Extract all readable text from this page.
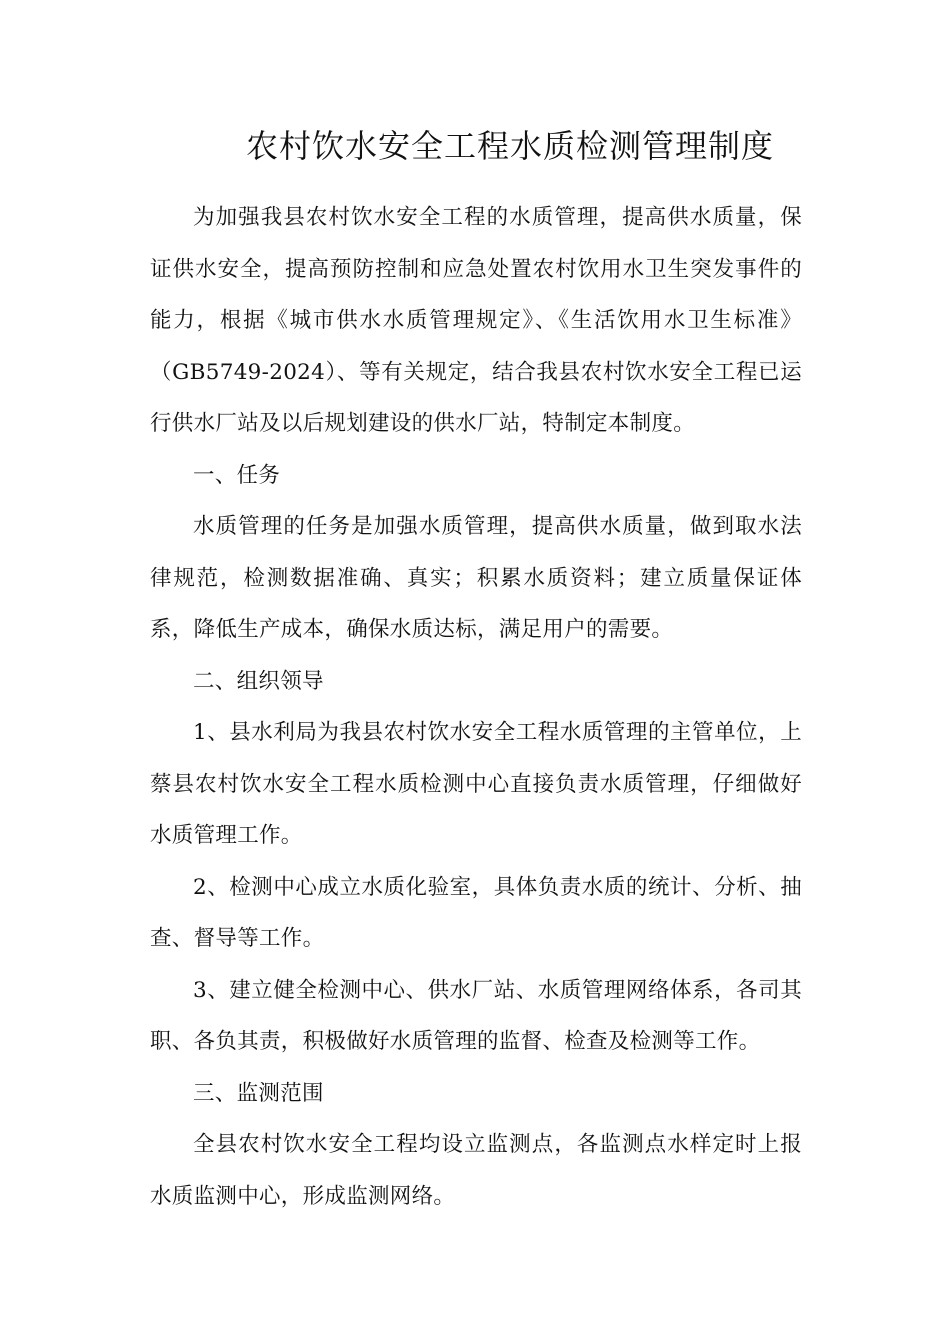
农村饮水安全工程水质检测管理制度

为加强我县农村饮水安全工程的水质管理，提高供水质量，保证供水安全，提高预防控制和应急处置农村饮用水卫生突发事件的能力，根据《城市供水水质管理规定》、《生活饮用水卫生标准》（GB5749-2024）、等有关规定，结合我县农村饮水安全工程已运行供水厂站及以后规划建设的供水厂站，特制定本制度。

一、任务

水质管理的任务是加强水质管理，提高供水质量，做到取水法律规范，检测数据准确、真实；积累水质资料；建立质量保证体系，降低生产成本，确保水质达标，满足用户的需要。

二、组织领导

1、县水利局为我县农村饮水安全工程水质管理的主管单位，上蔡县农村饮水安全工程水质检测中心直接负责水质管理，仔细做好水质管理工作。

2、检测中心成立水质化验室，具体负责水质的统计、分析、抽查、督导等工作。

3、建立健全检测中心、供水厂站、水质管理网络体系，各司其职、各负其责，积极做好水质管理的监督、检查及检测等工作。

三、监测范围

全县农村饮水安全工程均设立监测点，各监测点水样定时上报水质监测中心，形成监测网络。
